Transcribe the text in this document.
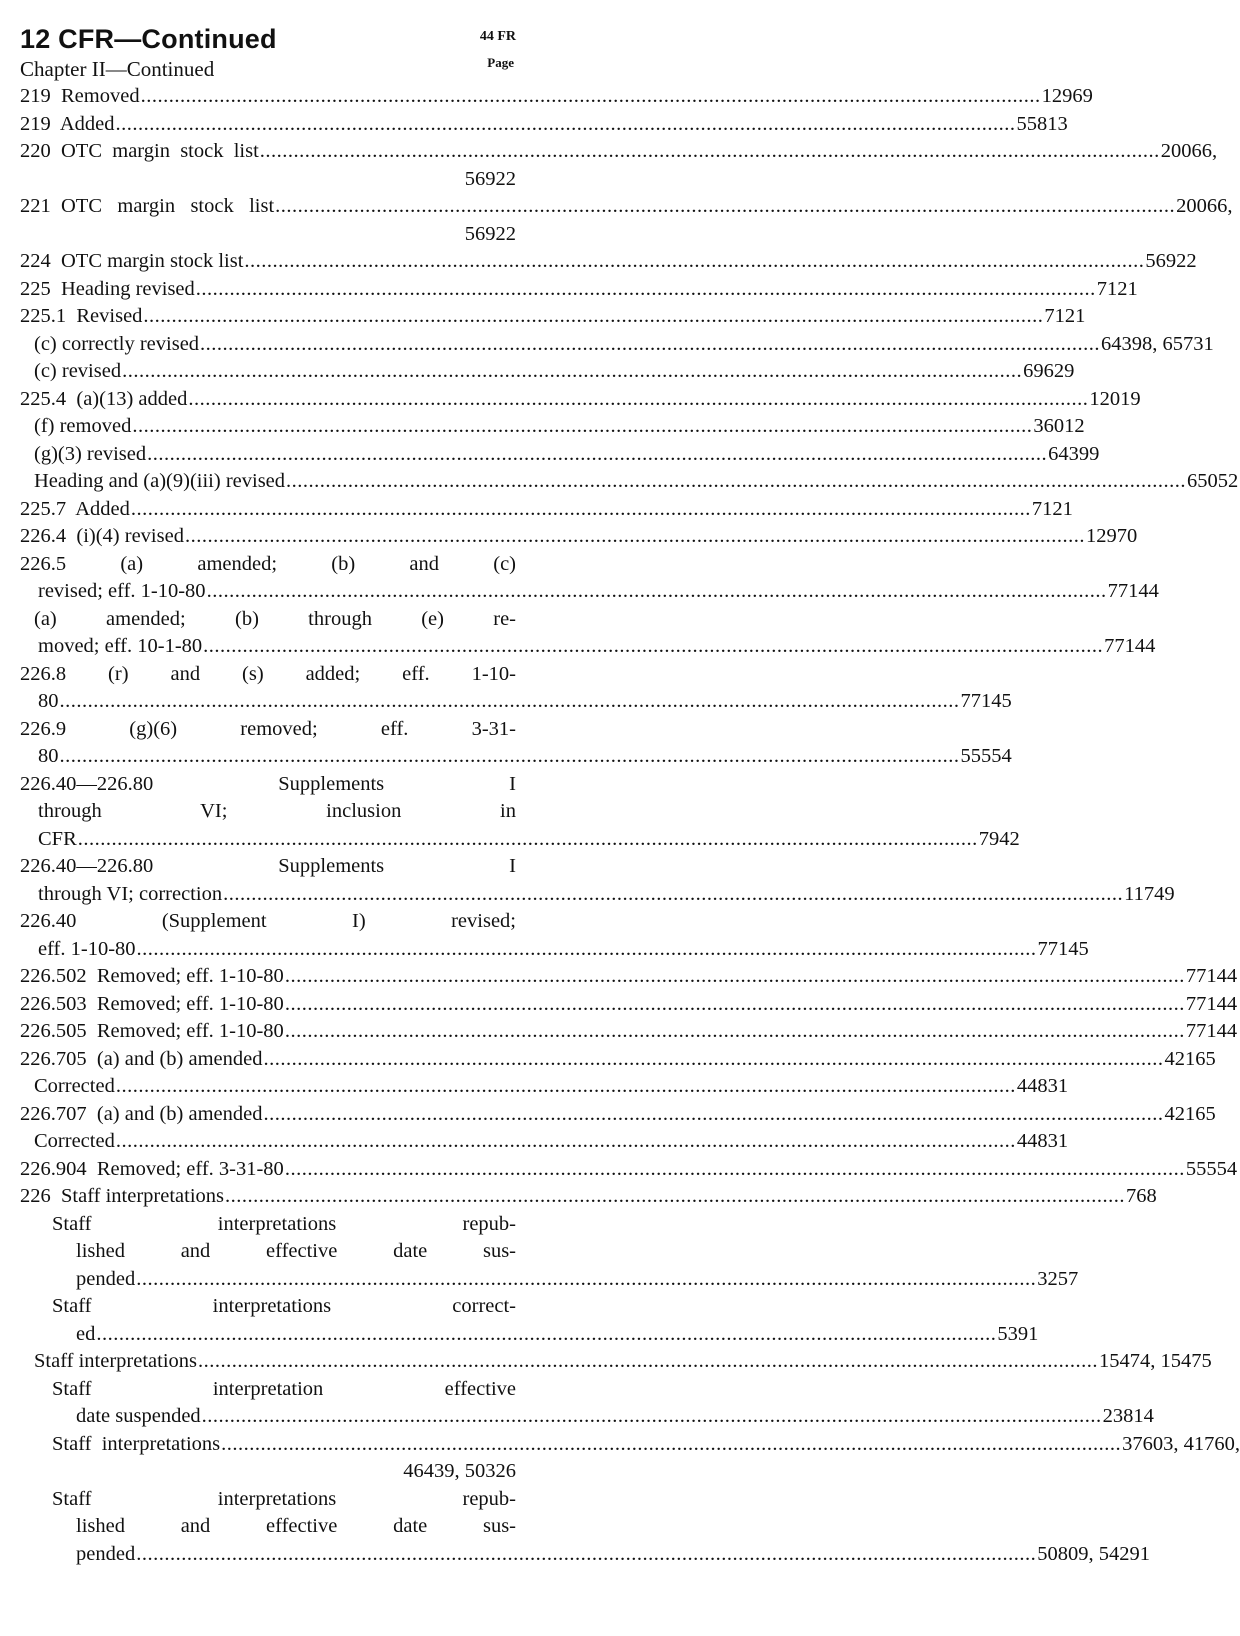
12 CFR—Continued	44 FR
Page
Chapter II—Continued
219  Removed ................................................................................................................................................................ 12969
219  Added ................................................................................................................................................................ 55813
220  OTC  margin  stock  list ................................................................................................................................................................ 20066,
56922
221  OTC   margin   stock   list ................................................................................................................................................................ 20066,
56922
224  OTC margin stock list ................................................................................................................................................................ 56922
225  Heading revised ................................................................................................................................................................ 7121
225.1  Revised ................................................................................................................................................................ 7121
(c) correctly revised ................................................................................................................................................................ 64398, 65731
(c) revised ................................................................................................................................................................ 69629
225.4  (a)(13) added ................................................................................................................................................................ 12019
(f) removed ................................................................................................................................................................ 36012
(g)(3) revised ................................................................................................................................................................ 64399
Heading and (a)(9)(iii) revised ................................................................................................................................................................ 65052
225.7  Added ................................................................................................................................................................ 7121
226.4  (i)(4) revised ................................................................................................................................................................ 12970
226.5 (a) amended; (b) and (c)
revised; eff. 1-10-80 ................................................................................................................................................................ 77144
(a) amended; (b) through (e) re-
moved; eff. 10-1-80 ................................................................................................................................................................ 77144
226.8 (r) and (s) added; eff. 1-10-
80 ................................................................................................................................................................ 77145
226.9 (g)(6) removed; eff. 3-31-
80 ................................................................................................................................................................ 55554
226.40—226.80 Supplements I
through VI; inclusion in
CFR ................................................................................................................................................................ 7942
226.40—226.80 Supplements I
through VI; correction ................................................................................................................................................................ 11749
226.40 (Supplement I) revised;
eff. 1-10-80 ................................................................................................................................................................ 77145
226.502  Removed; eff. 1-10-80 ................................................................................................................................................................ 77144
226.503  Removed; eff. 1-10-80 ................................................................................................................................................................ 77144
226.505  Removed; eff. 1-10-80 ................................................................................................................................................................ 77144
226.705  (a) and (b) amended ................................................................................................................................................................ 42165
Corrected ................................................................................................................................................................ 44831
226.707  (a) and (b) amended ................................................................................................................................................................ 42165
Corrected ................................................................................................................................................................ 44831
226.904  Removed; eff. 3-31-80 ................................................................................................................................................................ 55554
226  Staff interpretations ................................................................................................................................................................ 768
Staff interpretations repub-
lished and effective date sus-
pended ................................................................................................................................................................ 3257
Staff interpretations correct-
ed ................................................................................................................................................................ 5391
Staff interpretations ................................................................................................................................................................ 15474, 15475
Staff interpretation effective
date suspended ................................................................................................................................................................ 23814
Staff  interpretations ................................................................................................................................................................ 37603, 41760,
46439, 50326
Staff interpretations repub-
lished and effective date sus-
pended ................................................................................................................................................................ 50809, 54291
